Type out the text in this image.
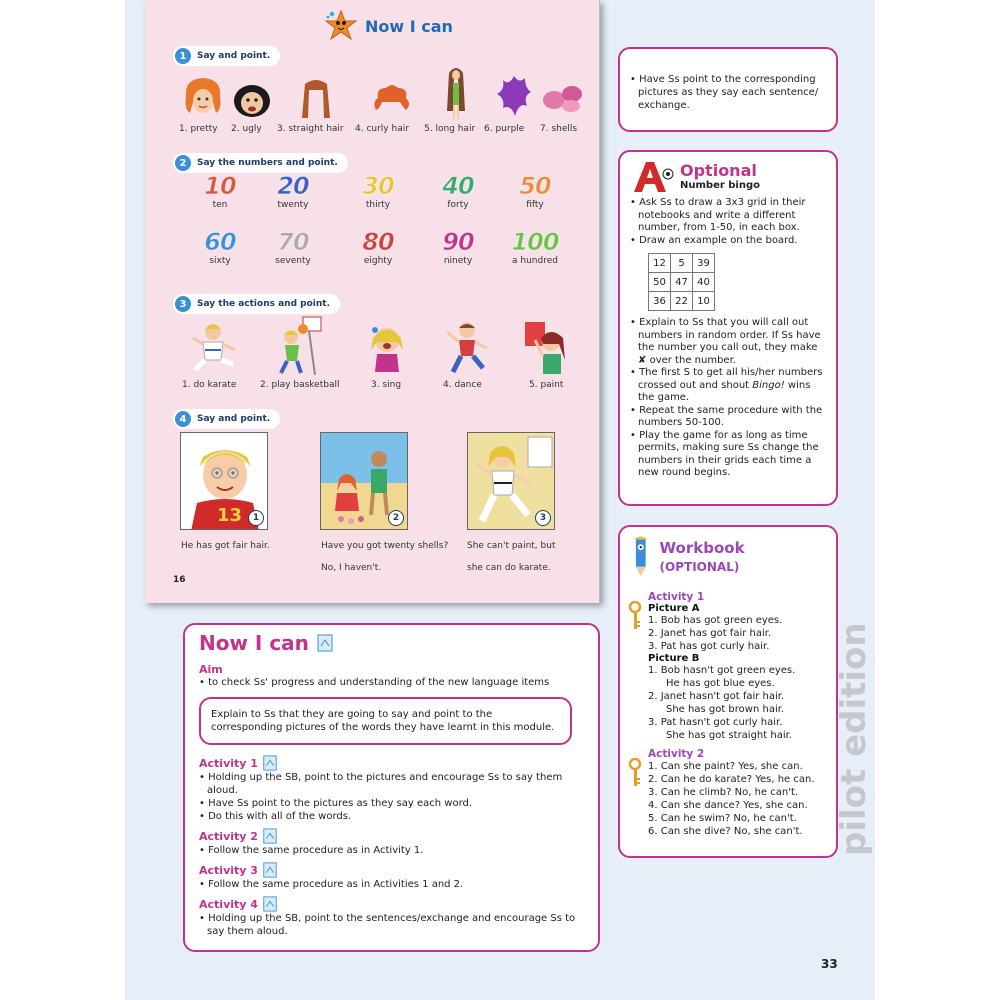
Now I can
1	Say and point.
1. pretty 2. ugly 3. straight hair 4. curly hair 5. long hair 6. purple 7. shells
2	Say the numbers and point.
10
ten
20
twenty
30
thirty
40
forty
50
fifty
60
sixty
70
seventy
80
eighty
90
ninety
100
a hundred
3	Say the actions and point.
1. do karate	2. play basketball	3. sing	4. dance	5. paint
4	Say and point.
13	1	2	3
He has got fair hair.	Have you got twenty shells?
No, I haven't.
She can't paint, but
she can do karate.
16

• Have Ss point to the corresponding pictures as they say each sentence/ exchange.

Optional
Number bingo
• Ask Ss to draw a 3x3 grid in their notebooks and write a different number, from 1-50, in each box.
• Draw an example on the board.
12	5	39
50	47	40
36	22	10
• Explain to Ss that you will call out numbers in random order. If Ss have the number you call out, they make ✘ over the number.
• The first S to get all his/her numbers crossed out and shout Bingo! wins the game.
• Repeat the same procedure with the numbers 50-100.
• Play the game for as long as time permits, making sure Ss change the numbers in their grids each time a new round begins.
Workbook (OPTIONAL)
Activity 1
Picture A
1. Bob has got green eyes.
2. Janet has got fair hair.
3. Pat has got curly hair.
Picture B
1. Bob hasn't got green eyes.
He has got blue eyes.
2. Janet hasn't got fair hair.
She has got brown hair.
3. Pat hasn't got curly hair.
She has got straight hair.
Activity 2
1. Can she paint? Yes, she can.
2. Can he do karate? Yes, he can.
3. Can he climb? No, he can't.
4. Can she dance? Yes, she can.
5. Can he swim? No, he can't.
6. Can she dive? No, she can't.
Now I can
Aim
• to check Ss' progress and understanding of the new language items
Explain to Ss that they are going to say and point to the corresponding pictures of the words they have learnt in this module.
Activity 1
• Holding up the SB, point to the pictures and encourage Ss to say them aloud.
• Have Ss point to the pictures as they say each word.
• Do this with all of the words.
Activity 2
• Follow the same procedure as in Activity 1.
Activity 3
• Follow the same procedure as in Activities 1 and 2.
Activity 4
• Holding up the SB, point to the sentences/exchange and encourage Ss to say them aloud.
pilot edition
33
